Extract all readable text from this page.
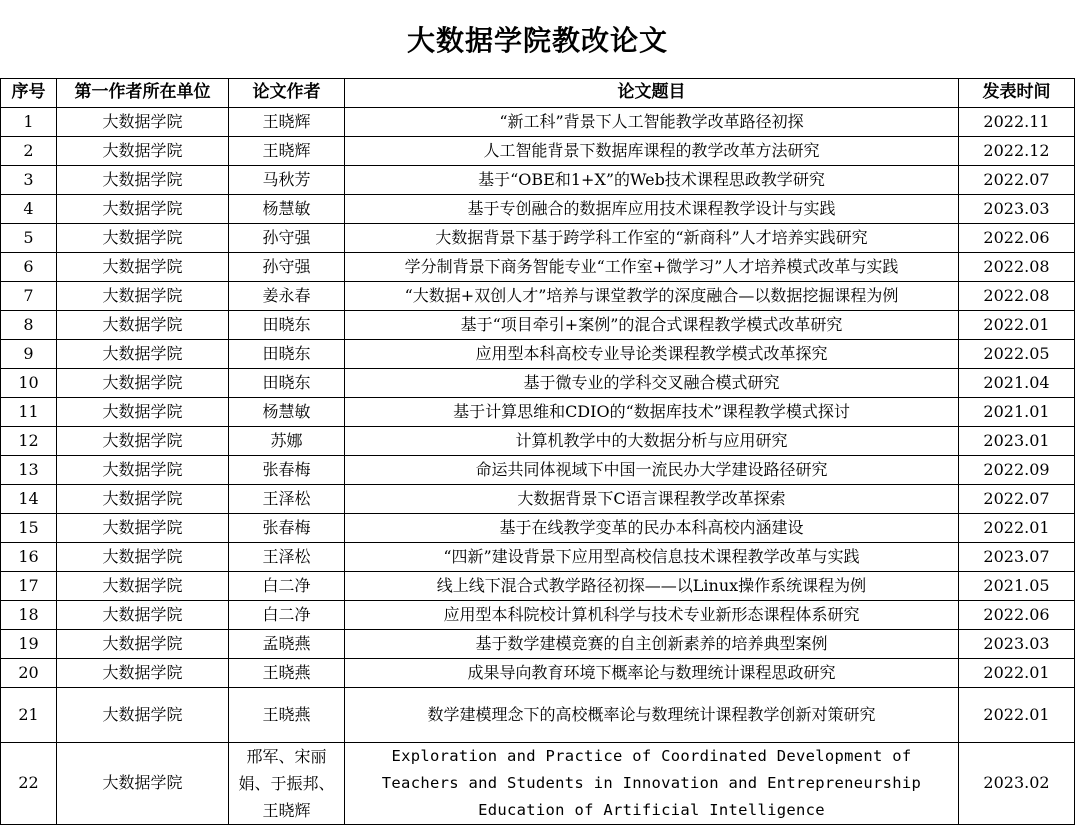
大数据学院教改论文
序号	第一作者所在单位	论文作者	论文题目	发表时间
1	大数据学院	王晓辉	“新工科”背景下人工智能教学改革路径初探	2022.11
2	大数据学院	王晓辉	人工智能背景下数据库课程的教学改革方法研究	2022.12
3	大数据学院	马秋芳	基于“OBE和1+X”的Web技术课程思政教学研究	2022.07
4	大数据学院	杨慧敏	基于专创融合的数据库应用技术课程教学设计与实践	2023.03
5	大数据学院	孙守强	大数据背景下基于跨学科工作室的“新商科”人才培养实践研究	2022.06
6	大数据学院	孙守强	学分制背景下商务智能专业“工作室+微学习”人才培养模式改革与实践	2022.08
7	大数据学院	姜永春	“大数据+双创人才”培养与课堂教学的深度融合—以数据挖掘课程为例	2022.08
8	大数据学院	田晓东	基于“项目牵引+案例”的混合式课程教学模式改革研究	2022.01
9	大数据学院	田晓东	应用型本科高校专业导论类课程教学模式改革探究	2022.05
10	大数据学院	田晓东	基于微专业的学科交叉融合模式研究	2021.04
11	大数据学院	杨慧敏	基于计算思维和CDIO的“数据库技术”课程教学模式探讨	2021.01
12	大数据学院	苏娜	计算机教学中的大数据分析与应用研究	2023.01
13	大数据学院	张春梅	命运共同体视域下中国一流民办大学建设路径研究	2022.09
14	大数据学院	王泽松	大数据背景下C语言课程教学改革探索	2022.07
15	大数据学院	张春梅	基于在线教学变革的民办本科高校内涵建设	2022.01
16	大数据学院	王泽松	“四新”建设背景下应用型高校信息技术课程教学改革与实践	2023.07
17	大数据学院	白二净	线上线下混合式教学路径初探——以Linux操作系统课程为例	2021.05
18	大数据学院	白二净	应用型本科院校计算机科学与技术专业新形态课程体系研究	2022.06
19	大数据学院	孟晓燕	基于数学建模竞赛的自主创新素养的培养典型案例	2023.03
20	大数据学院	王晓燕	成果导向教育环境下概率论与数理统计课程思政研究	2022.01
21	大数据学院	王晓燕	数学建模理念下的高校概率论与数理统计课程教学创新对策研究	2022.01
22	大数据学院	邢军、宋丽娟、于振邦、王晓辉	Exploration and Practice of Coordinated Development of Teachers and Students in Innovation and Entrepreneurship Education of Artificial Intelligence	2023.02
